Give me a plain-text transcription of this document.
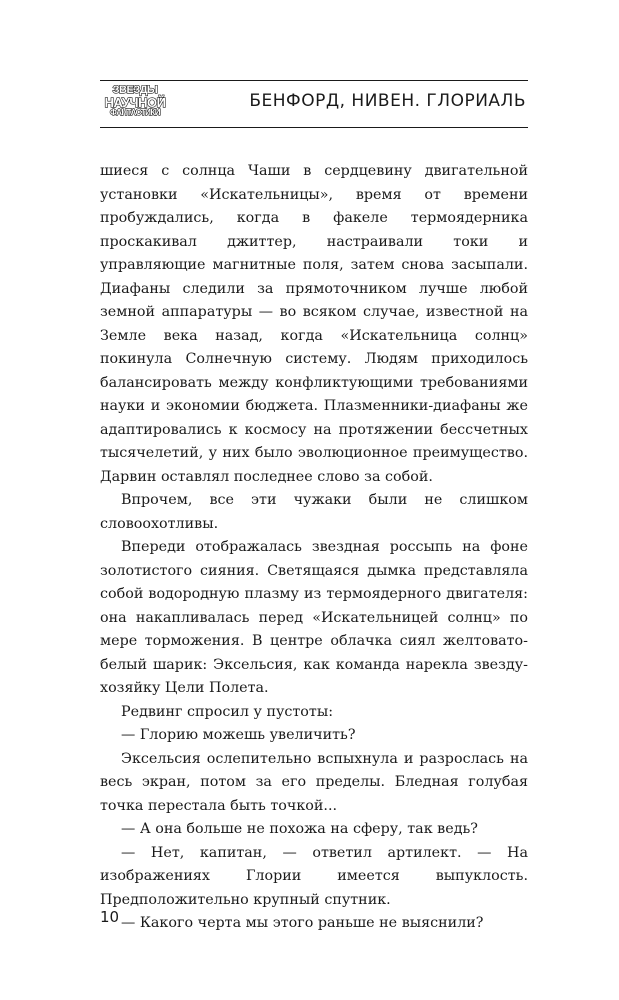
ЗВЕЗДЫ
НАУЧНОЙ
ФАНТАСТИКИ
БЕНФОРД, НИВЕН. ГЛОРИАЛЬ

шиеся с солнца Чаши в сердцевину двигательной установки «Искательницы», время от времени пробуждались, когда в факеле термоядерника проскакивал джиттер, настраивали токи и управляющие магнитные поля, затем снова засыпали. Диафаны следили за прямоточником лучше любой земной аппаратуры — во всяком случае, известной на Земле века назад, когда «Искательница солнц» покинула Солнечную систему. Людям приходилось балансировать между конфликтующими требованиями науки и экономии бюджета. Плазменники-диафаны же адаптировались к космосу на протяжении бессчетных тысячелетий, у них было эволюционное преимущество. Дарвин оставлял последнее слово за собой.

Впрочем, все эти чужаки были не слишком словоохотливы.

Впереди отображалась звездная россыпь на фоне золотистого сияния. Светящаяся дымка представляла собой водородную плазму из термоядерного двигателя: она накапливалась перед «Искательницей солнц» по мере торможения. В центре облачка сиял желтовато-белый шарик: Эксельсия, как команда нарекла звезду-хозяйку Цели Полета.

Редвинг спросил у пустоты:

— Глорию можешь увеличить?

Эксельсия ослепительно вспыхнула и разрослась на весь экран, потом за его пределы. Бледная голубая точка перестала быть точкой...

— А она больше не похожа на сферу, так ведь?

— Нет, капитан, — ответил артилект. — На изображениях Глории имеется выпуклость. Предположительно крупный спутник.

— Какого черта мы этого раньше не выяснили?

10
